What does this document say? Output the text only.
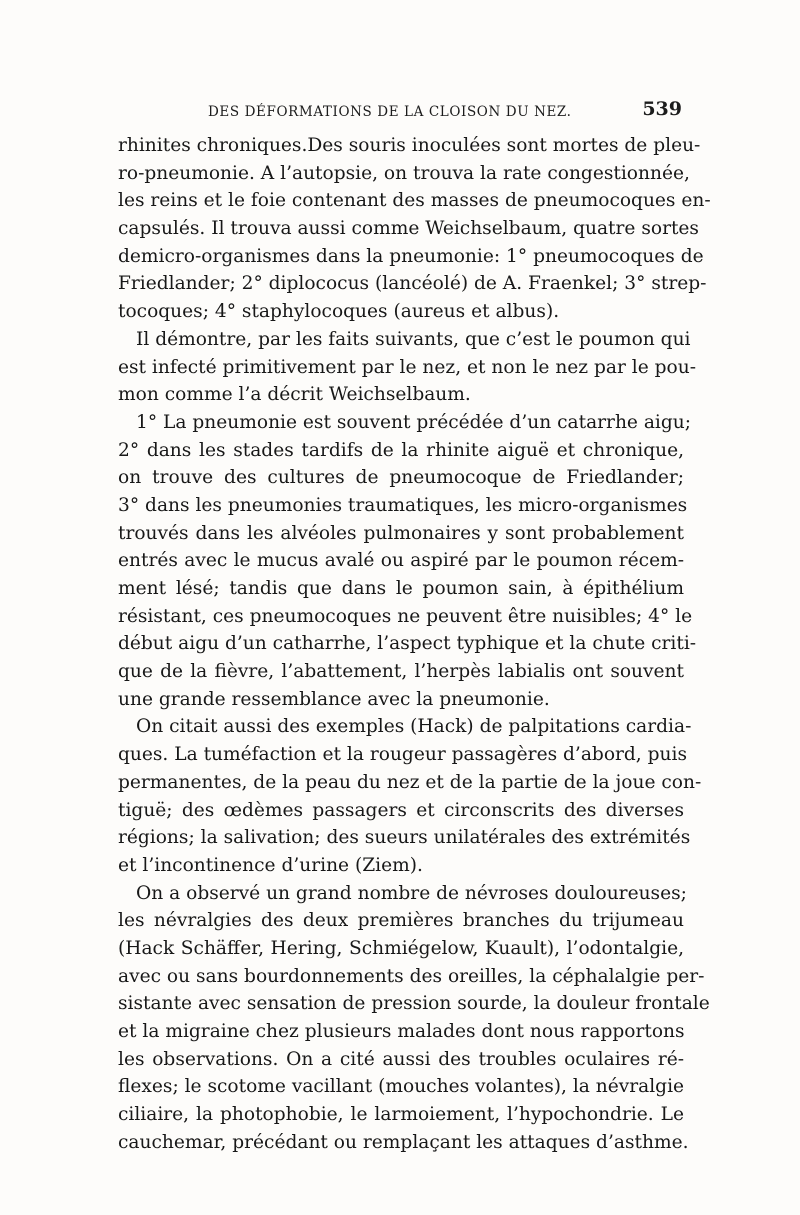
DES DÉFORMATIONS DE LA CLOISON DU NEZ.	539

rhinites chroniques.Des souris inoculées sont mortes de pleu-
ro-pneumonie. A l’autopsie, on trouva la rate congestionnée,
les reins et le foie contenant des masses de pneumocoques en-
capsulés. Il trouva aussi comme Weichselbaum, quatre sortes
demicro-organismes dans la pneumonie: 1° pneumocoques de
Friedlander; 2° diplococus (lancéolé) de A. Fraenkel; 3° strep-
tocoques; 4° staphylocoques (aureus et albus).

Il démontre, par les faits suivants, que c’est le poumon qui
est infecté primitivement par le nez, et non le nez par le pou-
mon comme l’a décrit Weichselbaum.

1° La pneumonie est souvent précédée d’un catarrhe aigu;
2° dans les stades tardifs de la rhinite aiguë et chronique,
on trouve des cultures de pneumocoque de Friedlander;
3° dans les pneumonies traumatiques, les micro-organismes
trouvés dans les alvéoles pulmonaires y sont probablement
entrés avec le mucus avalé ou aspiré par le poumon récem-
ment lésé; tandis que dans le poumon sain, à épithélium
résistant, ces pneumocoques ne peuvent être nuisibles; 4° le
début aigu d’un catharrhe, l’aspect typhique et la chute criti-
que de la fièvre, l’abattement, l’herpès labialis ont souvent
une grande ressemblance avec la pneumonie.

On citait aussi des exemples (Hack) de palpitations cardia-
ques. La tuméfaction et la rougeur passagères d’abord, puis
permanentes, de la peau du nez et de la partie de la joue con-
tiguë; des œdèmes passagers et circonscrits des diverses
régions; la salivation; des sueurs unilatérales des extrémités
et l’incontinence d’urine (Ziem).

On a observé un grand nombre de névroses douloureuses;
les névralgies des deux premières branches du trijumeau
(Hack Schäffer, Hering, Schmiégelow, Kuault), l’odontalgie,
avec ou sans bourdonnements des oreilles, la céphalalgie per-
sistante avec sensation de pression sourde, la douleur frontale
et la migraine chez plusieurs malades dont nous rapportons
les observations. On a cité aussi des troubles oculaires ré-
flexes; le scotome vacillant (mouches volantes), la névralgie
ciliaire, la photophobie, le larmoiement, l’hypochondrie. Le
cauchemar, précédant ou remplaçant les attaques d’asthme.
